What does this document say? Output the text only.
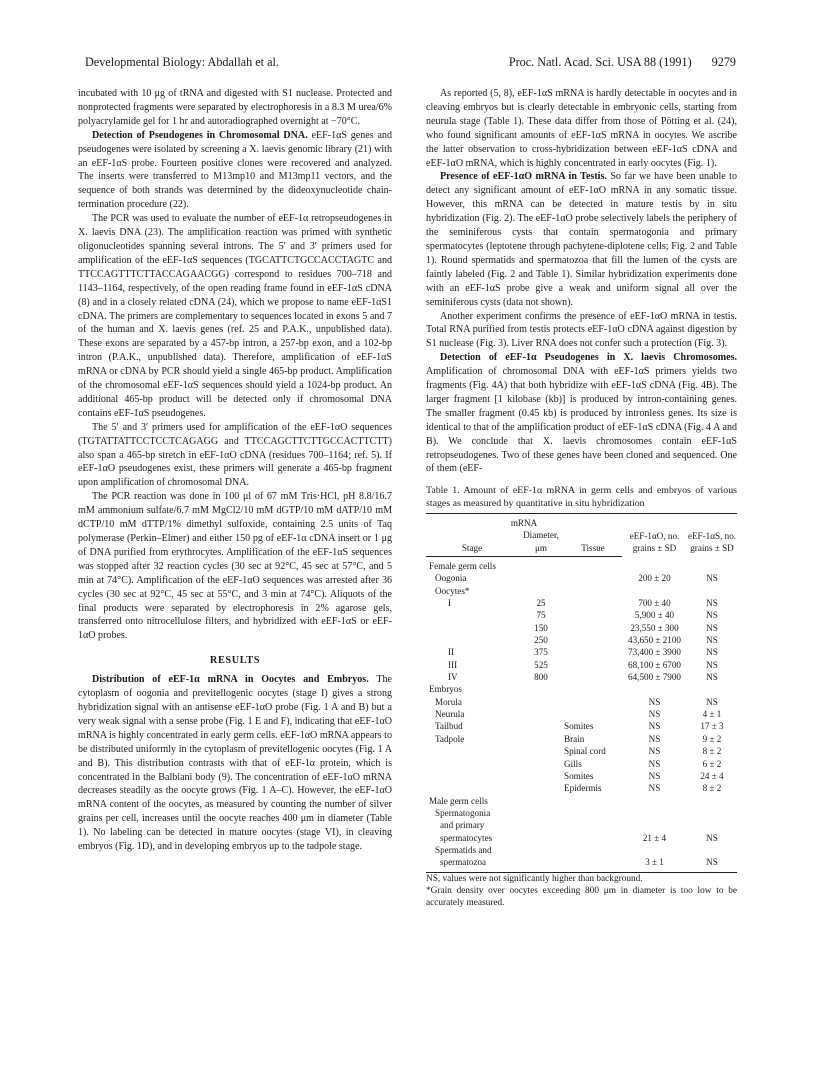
Developmental Biology: Abdallah et al.	Proc. Natl. Acad. Sci. USA 88 (1991) 9279

incubated with 10 μg of tRNA and digested with S1 nuclease. Protected and nonprotected fragments were separated by electrophoresis in a 8.3 M urea/6% polyacrylamide gel for 1 hr and autoradiographed overnight at −70°C.

Detection of Pseudogenes in Chromosomal DNA. eEF-1αS genes and pseudogenes were isolated by screening a X. laevis genomic library (21) with an eEF-1αS probe. Fourteen positive clones were recovered and analyzed. The inserts were transferred to M13mp10 and M13mp11 vectors, and the sequence of both strands was determined by the dideoxynucleotide chain-termination procedure (22).

The PCR was used to evaluate the number of eEF-1α retropseudogenes in X. laevis DNA (23). The amplification reaction was primed with synthetic oligonucleotides spanning several introns. The 5′ and 3′ primers used for amplification of the eEF-1αS sequences (TGCATTCTGCCACCTAGTC and TTCCAGTTTCTTACCAGAACGG) correspond to residues 700–718 and 1143–1164, respectively, of the open reading frame found in eEF-1αS cDNA (8) and in a closely related cDNA (24), which we propose to name eEF-1αS1 cDNA. The primers are complementary to sequences located in exons 5 and 7 of the human and X. laevis genes (ref. 25 and P.A.K., unpublished data). These exons are separated by a 457-bp intron, a 257-bp exon, and a 102-bp intron (P.A.K., unpublished data). Therefore, amplification of eEF-1αS mRNA or cDNA by PCR should yield a single 465-bp product. Amplification of the chromosomal eEF-1αS sequences should yield a 1024-bp product. An additional 465-bp product will be detected only if chromosomal DNA contains eEF-1αS pseudogenes.

The 5′ and 3′ primers used for amplification of the eEF-1αO sequences (TGTATTATTCCTCCTCAGAGG and TTCCAGCTTCTTGCCACTTCTT) also span a 465-bp stretch in eEF-1αO cDNA (residues 700–1164; ref. 5). If eEF-1αO pseudogenes exist, these primers will generate a 465-bp fragment upon amplification of chromosomal DNA.

The PCR reaction was done in 100 μl of 67 mM Tris·HCl, pH 8.8/16.7 mM ammonium sulfate/6.7 mM MgCl2/10 mM dGTP/10 mM dATP/10 mM dCTP/10 mM dTTP/1% dimethyl sulfoxide, containing 2.5 units of Taq polymerase (Perkin–Elmer) and either 150 pg of eEF-1α cDNA insert or 1 μg of DNA purified from erythrocytes. Amplification of the eEF-1αS sequences was stopped after 32 reaction cycles (30 sec at 92°C, 45 sec at 57°C, and 5 min at 74°C). Amplification of the eEF-1αO sequences was arrested after 36 cycles (30 sec at 92°C, 45 sec at 55°C, and 3 min at 74°C). Aliquots of the final products were separated by electrophoresis in 2% agarose gels, transferred onto nitrocellulose filters, and hybridized with eEF-1αS or eEF-1αO probes.

RESULTS

Distribution of eEF-1α mRNA in Oocytes and Embryos. The cytoplasm of oogonia and previtellogenic oocytes (stage I) gives a strong hybridization signal with an antisense eEF-1αO probe (Fig. 1 A and B) but a very weak signal with a sense probe (Fig. 1 E and F), indicating that eEF-1αO mRNA is highly concentrated in early germ cells. eEF-1αO mRNA appears to be distributed uniformly in the cytoplasm of previtellogenic oocytes (Fig. 1 A and B). This distribution contrasts with that of eEF-1α protein, which is concentrated in the Balbiani body (9). The concentration of eEF-1αO mRNA decreases steadily as the oocyte grows (Fig. 1 A–C). However, the eEF-1αO mRNA content of the oocytes, as measured by counting the number of silver grains per cell, increases until the oocyte reaches 400 μm in diameter (Table 1). No labeling can be detected in mature oocytes (stage VI), in cleaving embryos (Fig. 1D), and in developing embryos up to the tadpole stage.

As reported (5, 8), eEF-1αS mRNA is hardly detectable in oocytes and in cleaving embryos but is clearly detectable in embryonic cells, starting from neurula stage (Table 1). These data differ from those of Pötting et al. (24), who found significant amounts of eEF-1αS mRNA in oocytes. We ascribe the latter observation to cross-hybridization between eEF-1αS cDNA and eEF-1αO mRNA, which is highly concentrated in early oocytes (Fig. 1).

Presence of eEF-1αO mRNA in Testis. So far we have been unable to detect any significant amount of eEF-1αO mRNA in any somatic tissue. However, this mRNA can be detected in mature testis by in situ hybridization (Fig. 2). The eEF-1αO probe selectively labels the periphery of the seminiferous cysts that contain spermatogonia and primary spermatocytes (leptotene through pachytene-diplotene cells; Fig. 2 and Table 1). Round spermatids and spermatozoa that fill the lumen of the cysts are faintly labeled (Fig. 2 and Table 1). Similar hybridization experiments done with an eEF-1αS probe give a weak and uniform signal all over the seminiferous cysts (data not shown).

Another experiment confirms the presence of eEF-1αO mRNA in testis. Total RNA purified from testis protects eEF-1αO cDNA against digestion by S1 nuclease (Fig. 3). Liver RNA does not confer such a protection (Fig. 3).

Detection of eEF-1α Pseudogenes in X. laevis Chromosomes. Amplification of chromosomal DNA with eEF-1αS primers yields two fragments (Fig. 4A) that both hybridize with eEF-1αS cDNA (Fig. 4B). The larger fragment [1 kilobase (kb)] is produced by intron-containing genes. The smaller fragment (0.45 kb) is produced by intronless genes. Its size is identical to that of the amplification product of eEF-1αS cDNA (Fig. 4 A and B). We conclude that X. laevis chromosomes contain eEF-1αS retropseudogenes. Two of these genes have been cloned and sequenced. One of them (eEF-

Table 1. Amount of eEF-1α mRNA in germ cells and embryos of various stages as measured by quantitative in situ hybridization

mRNA			eEF-1αO, no. grains ± SD	eEF-1αS, no. grains ± SD
Stage	Diameter, μm	Tissue		
Female germ cells				
Oogonia			200 ± 20	NS
Oocytes*				
I	25		700 ± 40	NS
	75		5,900 ± 40	NS
	150		23,550 ± 300	NS
	250		43,650 ± 2100	NS
II	375		73,400 ± 3900	NS
III	525		68,100 ± 6700	NS
IV	800		64,500 ± 7900	NS
Embryos				
Morula			NS	NS
Neurula			NS	4 ± 1
Tailbud		Somites	NS	17 ± 3
Tadpole		Brain	NS	9 ± 2
		Spinal cord	NS	8 ± 2
		Gills	NS	6 ± 2
		Somites	NS	24 ± 4
		Epidermis	NS	8 ± 2
Male germ cells				
Spermatogonia				
and primary				
spermatocytes			21 ± 4	NS
Spermatids and				
spermatozoa			3 ± 1	NS

NS, values were not significantly higher than background.

*Grain density over oocytes exceeding 800 μm in diameter is too low to be accurately measured.
